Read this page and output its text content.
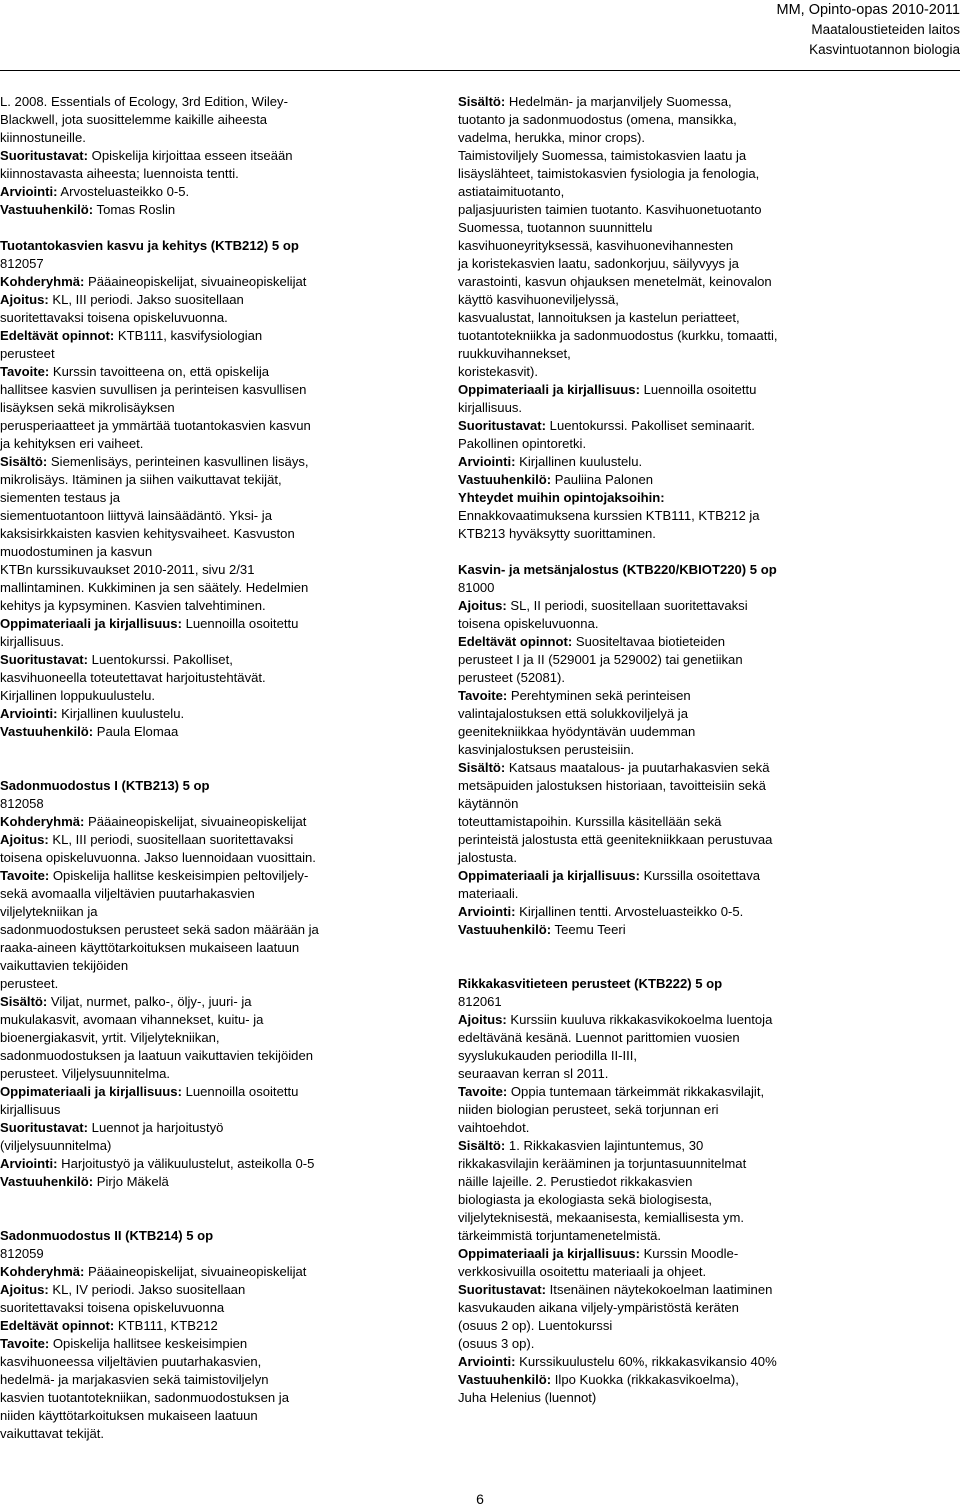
MM, Opinto-opas 2010-2011
Maataloustieteiden laitos
Kasvintuotannon biologia
L. 2008. Essentials of Ecology, 3rd Edition, Wiley-
Blackwell, jota suosittelemme kaikille aiheesta
kiinnostuneille.
Suoritustavat: Opiskelija kirjoittaa esseen itseään
kiinnostavasta aiheesta; luennoista tentti.
Arviointi: Arvosteluasteikko 0-5.
Vastuuhenkilö: Tomas Roslin
Tuotantokasvien kasvu ja kehitys (KTB212) 5 op
812057
Kohderyhmä: Pääaineopiskelijat, sivuaineopiskelijat
Ajoitus: KL, III periodi. Jakso suositellaan
suoritettavaksi toisena opiskeluvuonna.
Edeltävät opinnot: KTB111, kasvifysiologian
perusteet
Tavoite: Kurssin tavoitteena on, että opiskelija
hallitsee kasvien suvullisen ja perinteisen kasvullisen
lisäyksen sekä mikrolisäyksen
perusperiaatteet ja ymmärtää tuotantokasvien kasvun
ja kehityksen eri vaiheet.
Sisältö: Siemenlisäys, perinteinen kasvullinen lisäys,
mikrolisäys. Itäminen ja siihen vaikuttavat tekijät,
siementen testaus ja
siementuotantoon liittyvä lainsäädäntö. Yksi- ja
kaksisirkkaisten kasvien kehitysvaiheet. Kasvuston
muodostuminen ja kasvun
KTBn kurssikuvaukset 2010-2011, sivu 2/31
mallintaminen. Kukkiminen ja sen säätely. Hedelmien
kehitys ja kypsyminen. Kasvien talvehtiminen.
Oppimateriaali ja kirjallisuus: Luennoilla osoitettu
kirjallisuus.
Suoritustavat: Luentokurssi. Pakolliset,
kasvihuoneella toteutettavat harjoitustehtävät.
Kirjallinen loppukuulustelu.
Arviointi: Kirjallinen kuulustelu.
Vastuuhenkilö: Paula Elomaa
Sadonmuodostus I (KTB213) 5 op
812058
Kohderyhmä: Pääaineopiskelijat, sivuaineopiskelijat
Ajoitus: KL, III periodi, suositellaan suoritettavaksi
toisena opiskeluvuonna. Jakso luennoidaan vuosittain.
Tavoite: Opiskelija hallitse keskeisimpien peltoviljely-
sekä avomaalla viljeltävien puutarhakasvien
viljelytekniikan ja
sadonmuodostuksen perusteet sekä sadon määrään ja
raaka-aineen käyttötarkoituksen mukaiseen laatuun
vaikuttavien tekijöiden
perusteet.
Sisältö: Viljat, nurmet, palko-, öljy-, juuri- ja
mukulakasvit, avomaan vihannekset, kuitu- ja
bioenergiakasvit, yrtit. Viljelytekniikan,
sadonmuodostuksen ja laatuun vaikuttavien tekijöiden
perusteet. Viljelysuunnitelma.
Oppimateriaali ja kirjallisuus: Luennoilla osoitettu
kirjallisuus
Suoritustavat: Luennot ja harjoitustyö
(viljelysuunnitelma)
Arviointi: Harjoitustyö ja välikuulustelut, asteikolla 0-5
Vastuuhenkilö: Pirjo Mäkelä
Sadonmuodostus II (KTB214) 5 op
812059
Kohderyhmä: Pääaineopiskelijat, sivuaineopiskelijat
Ajoitus: KL, IV periodi. Jakso suositellaan
suoritettavaksi toisena opiskeluvuonna
Edeltävät opinnot: KTB111, KTB212
Tavoite: Opiskelija hallitsee keskeisimpien
kasvihuoneessa viljeltävien puutarhakasvien,
hedelmä- ja marjakasvien sekä taimistoviljelyn
kasvien tuotantotekniikan, sadonmuodostuksen ja
niiden käyttötarkoituksen mukaiseen laatuun
vaikuttavat tekijät.
Sisältö: Hedelmän- ja marjanviljely Suomessa,
tuotanto ja sadonmuodostus (omena, mansikka,
vadelma, herukka, minor crops).
Taimistoviljely Suomessa, taimistokasvien laatu ja
lisäyslähteet, taimistokasvien fysiologia ja fenologia,
astiataimituotanto,
paljasjuuristen taimien tuotanto. Kasvihuonetuotanto
Suomessa, tuotannon suunnittelu
kasvihuoneyrityksessä, kasvihuonevihannesten
ja koristekasvien laatu, sadonkorjuu, säilyvyys ja
varastointi, kasvun ohjauksen menetelmät, keinovalon
käyttö kasvihuoneviljelyssä,
kasvualustat, lannoituksen ja kastelun periatteet,
tuotantotekniikka ja sadonmuodostus (kurkku, tomaatti,
ruukkuvihannekset,
koristekasvit).
Oppimateriaali ja kirjallisuus: Luennoilla osoitettu
kirjallisuus.
Suoritustavat: Luentokurssi. Pakolliset seminaarit.
Pakollinen opintoretki.
Arviointi: Kirjallinen kuulustelu.
Vastuuhenkilö: Pauliina Palonen
Yhteydet muihin opintojaksoihin:
Ennakkovaatimuksena kurssien KTB111, KTB212 ja
KTB213 hyväksytty suorittaminen.
Kasvin- ja metsänjalostus (KTB220/KBIOT220) 5 op
81000
Ajoitus: SL, II periodi, suositellaan suoritettavaksi
toisena opiskeluvuonna.
Edeltävät opinnot: Suositeltavaa biotieteiden
perusteet I ja II (529001 ja 529002) tai genetiikan
perusteet (52081).
Tavoite: Perehtyminen sekä perinteisen
valintajalostuksen että solukkoviljelyä ja
geenitekniikkaa hyödyntävän uudemman
kasvinjalostuksen perusteisiin.
Sisältö: Katsaus maatalous- ja puutarhakasvien sekä
metsäpuiden jalostuksen historiaan, tavoitteisiin sekä
käytännön
toteuttamistapoihin. Kurssilla käsitellään sekä
perinteistä jalostusta että geenitekniikkaan perustuvaa
jalostusta.
Oppimateriaali ja kirjallisuus: Kurssilla osoitettava
materiaali.
Arviointi: Kirjallinen tentti. Arvosteluasteikko 0-5.
Vastuuhenkilö: Teemu Teeri
Rikkakasvitieteen perusteet (KTB222) 5 op
812061
Ajoitus: Kurssiin kuuluva rikkakasvikokoelma luentoja
edeltävänä kesänä. Luennot parittomien vuosien
syyslukukauden periodilla II-III,
seuraavan kerran sl 2011.
Tavoite: Oppia tuntemaan tärkeimmät rikkakasvilajit,
niiden biologian perusteet, sekä torjunnan eri
vaihtoehdot.
Sisältö: 1. Rikkakasvien lajintuntemus, 30
rikkakasvilajin kerääminen ja torjuntasuunnitelmat
näille lajeille. 2. Perustiedot rikkakasvien
biologiasta ja ekologiasta sekä biologisesta,
viljelyteknisestä, mekaanisesta, kemiallisesta ym.
tärkeimmistä torjuntamenetelmistä.
Oppimateriaali ja kirjallisuus: Kurssin Moodle-
verkkosivuilla osoitettu materiaali ja ohjeet.
Suoritustavat: Itsenäinen näytekokoelman laatiminen
kasvukauden aikana viljely-ympäristöstä keräten
(osuus 2 op). Luentokurssi
(osuus 3 op).
Arviointi: Kurssikuulustelu 60%, rikkakasvikansio 40%
Vastuuhenkilö: Ilpo Kuokka (rikkakasvikoelma),
Juha Helenius (luennot)
6
